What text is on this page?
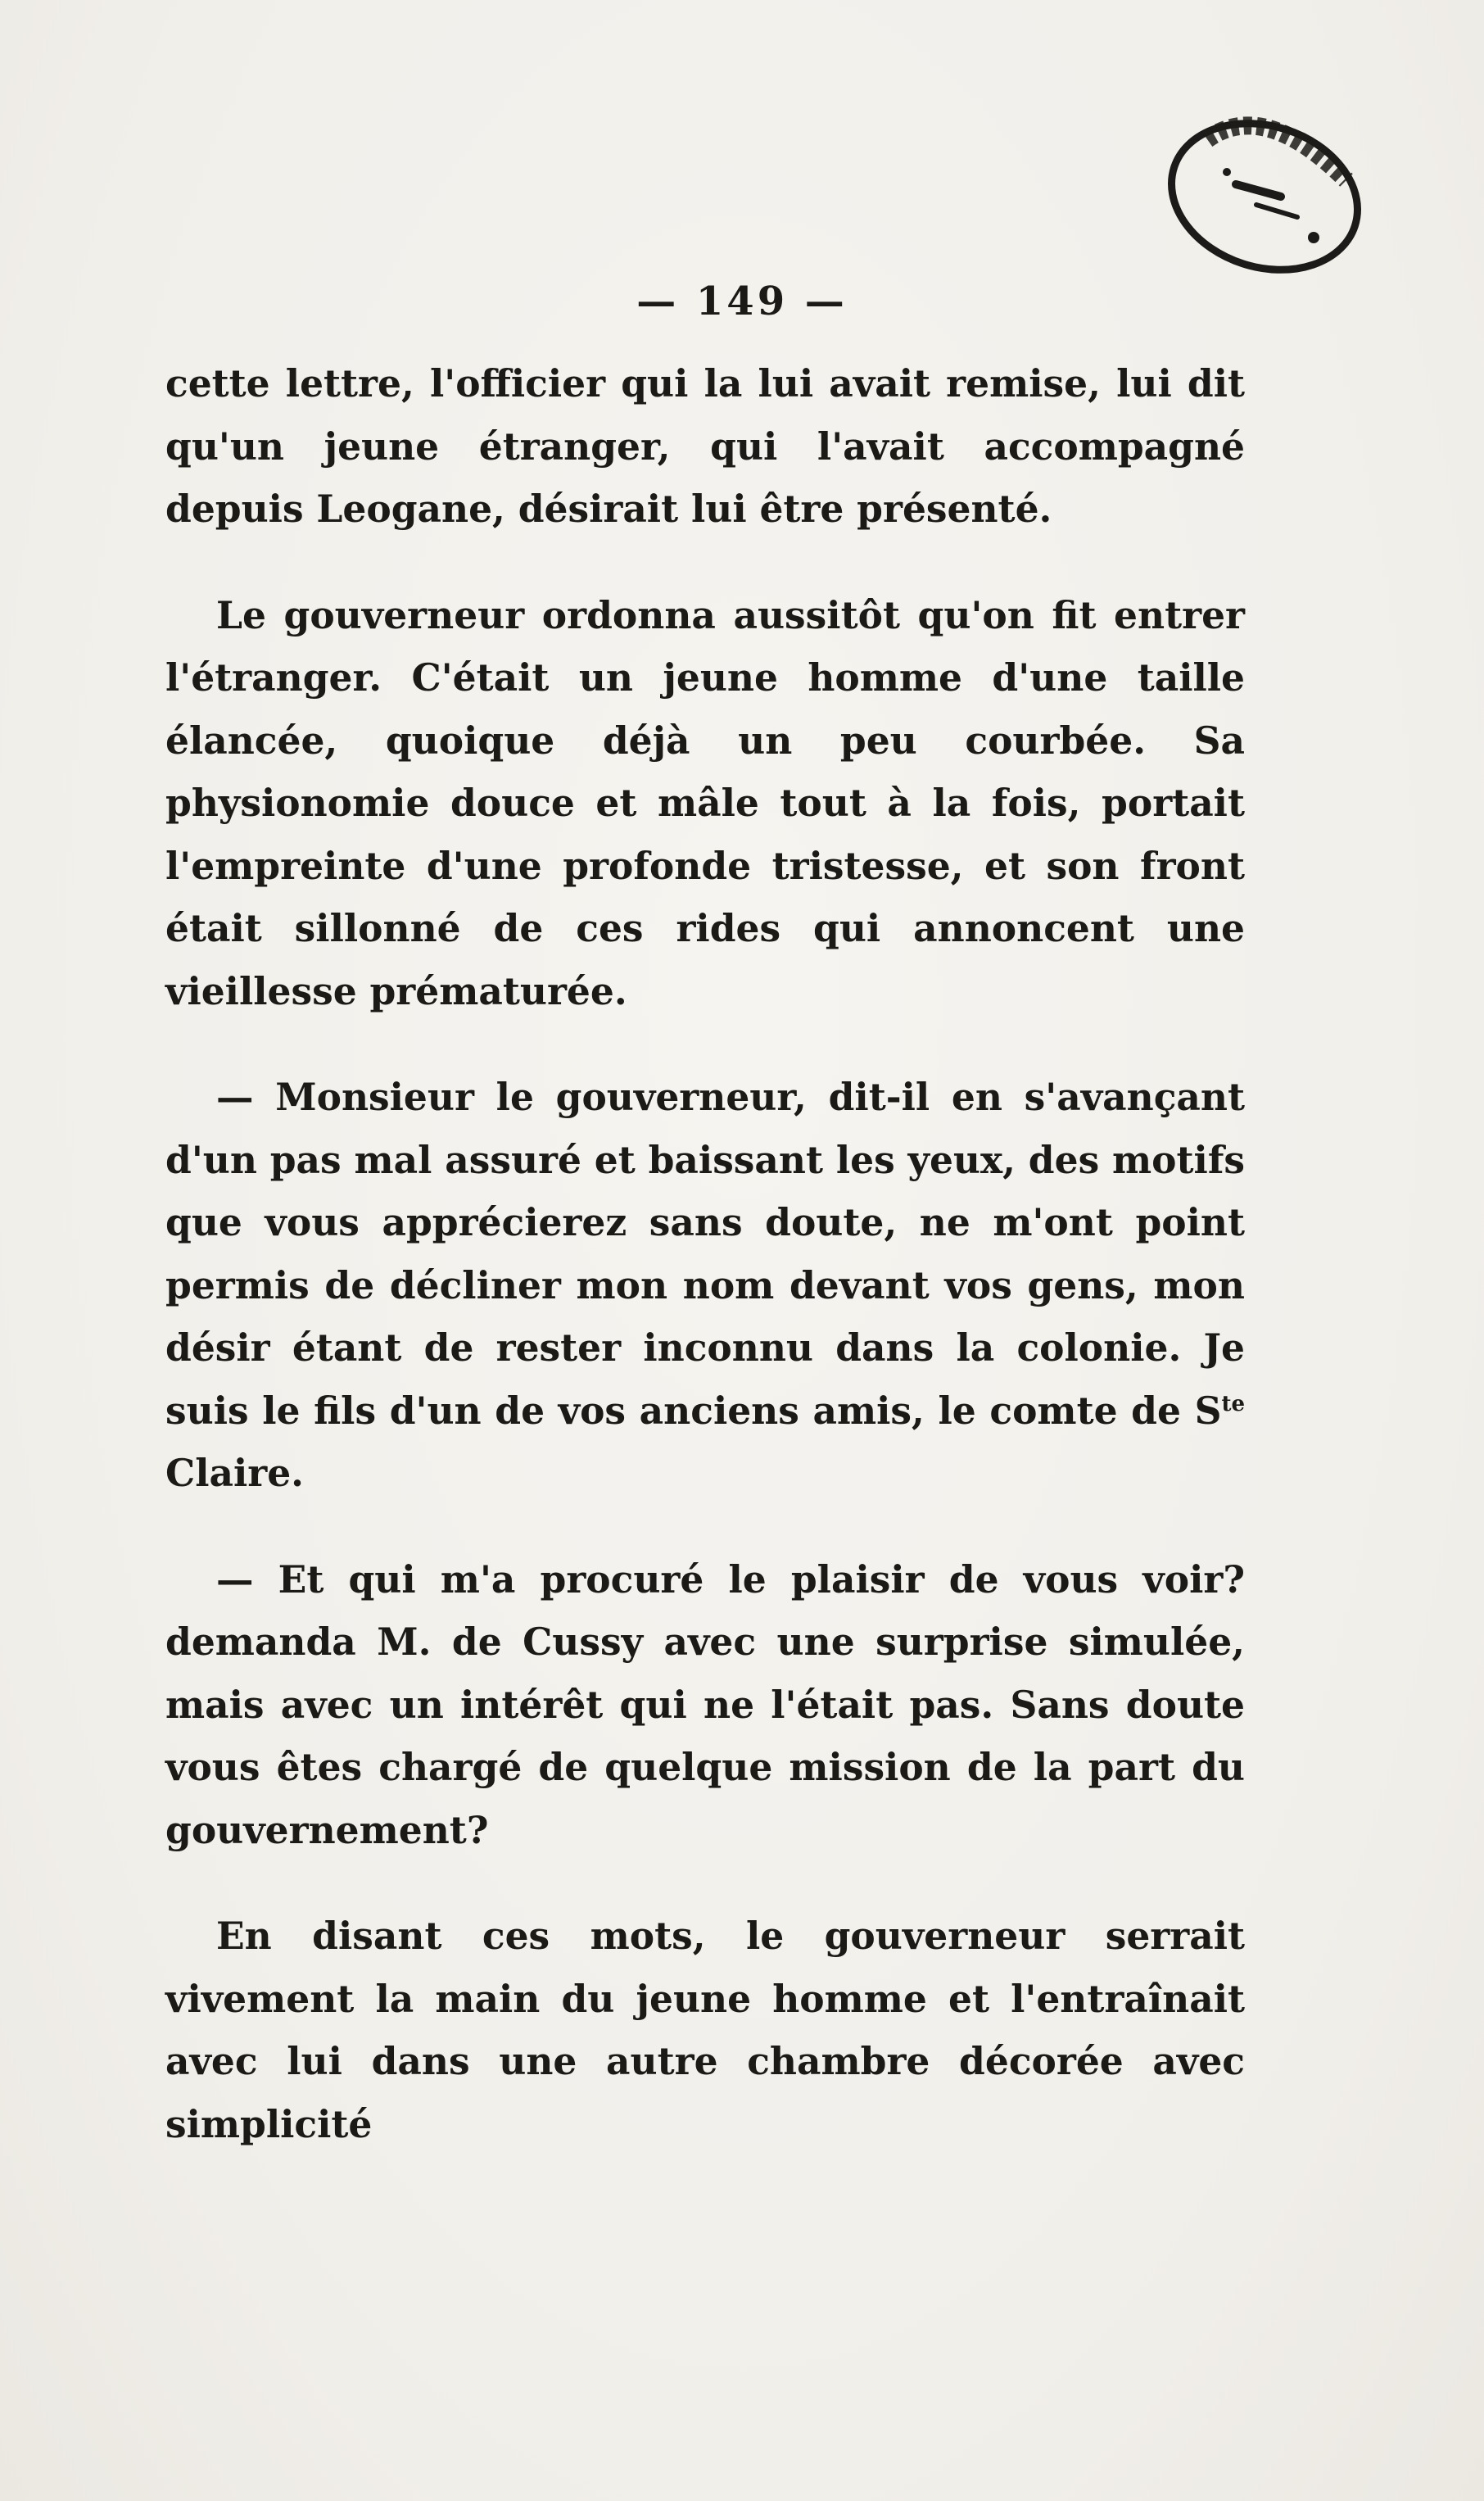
— 149 —

cette lettre, l'officier qui la lui avait remise, lui dit qu'un jeune étranger, qui l'avait accompagné depuis Leogane, désirait lui être présenté.

Le gouverneur ordonna aussitôt qu'on fit entrer l'étranger. C'était un jeune homme d'une taille élancée, quoique déjà un peu courbée. Sa physionomie douce et mâle tout à la fois, portait l'empreinte d'une profonde tristesse, et son front était sillonné de ces rides qui annoncent une vieillesse prématurée.

— Monsieur le gouverneur, dit-il en s'avançant d'un pas mal assuré et baissant les yeux, des motifs que vous apprécierez sans doute, ne m'ont point permis de décliner mon nom devant vos gens, mon désir étant de rester inconnu dans la colonie. Je suis le fils d'un de vos anciens amis, le comte de $S^{te}$ Claire.

— Et qui m'a procuré le plaisir de vous voir? demanda M. de Cussy avec une surprise simulée, mais avec un intérêt qui ne l'était pas. Sans doute vous êtes chargé de quelque mission de la part du gouvernement?

En disant ces mots, le gouverneur serrait vivement la main du jeune homme et l'entraînait avec lui dans une autre chambre décorée avec simplicité
